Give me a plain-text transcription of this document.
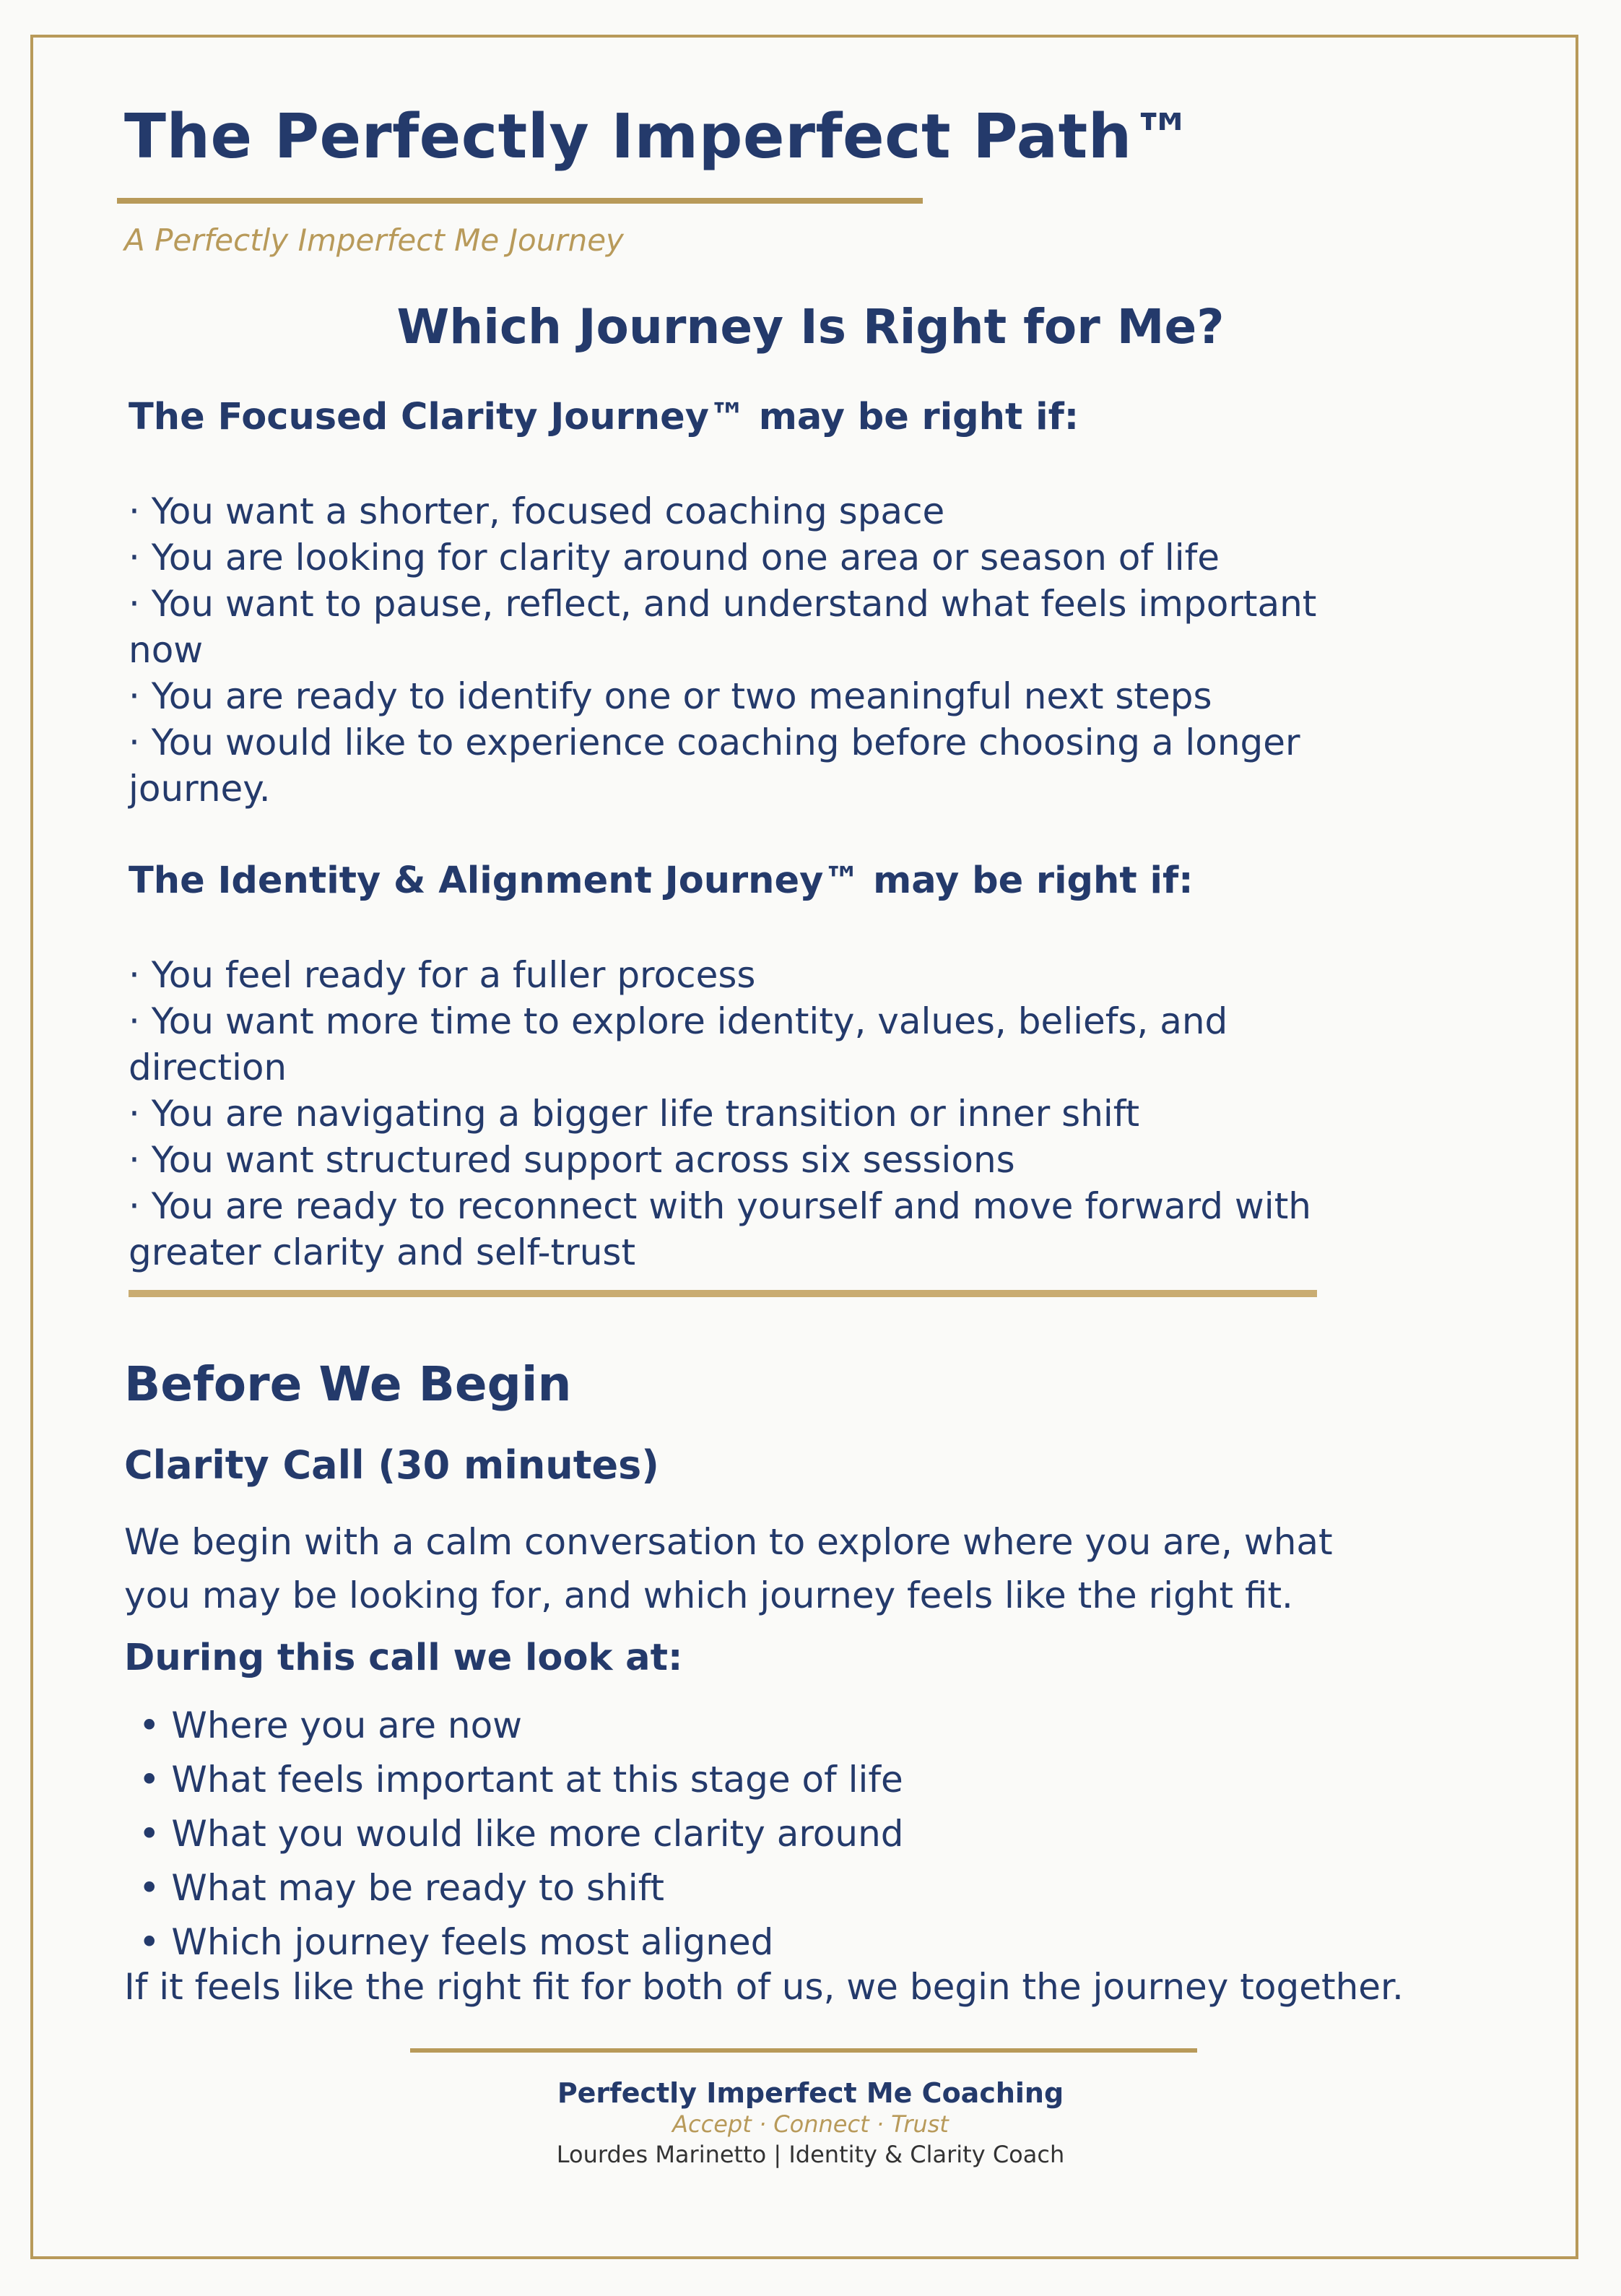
The Perfectly Imperfect Path™

A Perfectly Imperfect Me Journey

Which Journey Is Right for Me?
The Focused Clarity Journey™ may be right if:
· You want a shorter, focused coaching space
· You are looking for clarity around one area or season of life
· You want to pause, reflect, and understand what feels important
now
· You are ready to identify one or two meaningful next steps
· You would like to experience coaching before choosing a longer
journey.
The Identity & Alignment Journey™ may be right if:
· You feel ready for a fuller process
· You want more time to explore identity, values, beliefs, and
direction
· You are navigating a bigger life transition or inner shift
· You want structured support across six sessions
· You are ready to reconnect with yourself and move forward with
greater clarity and self-trust
Before We Begin
Clarity Call (30 minutes)
We begin with a calm conversation to explore where you are, what
you may be looking for, and which journey feels like the right fit.
During this call we look at:
• Where you are now
• What feels important at this stage of life
• What you would like more clarity around
• What may be ready to shift
• Which journey feels most aligned

If it feels like the right fit for both of us, we begin the journey together.

Perfectly Imperfect Me Coaching

Accept · Connect · Trust

Lourdes Marinetto | Identity & Clarity Coach
